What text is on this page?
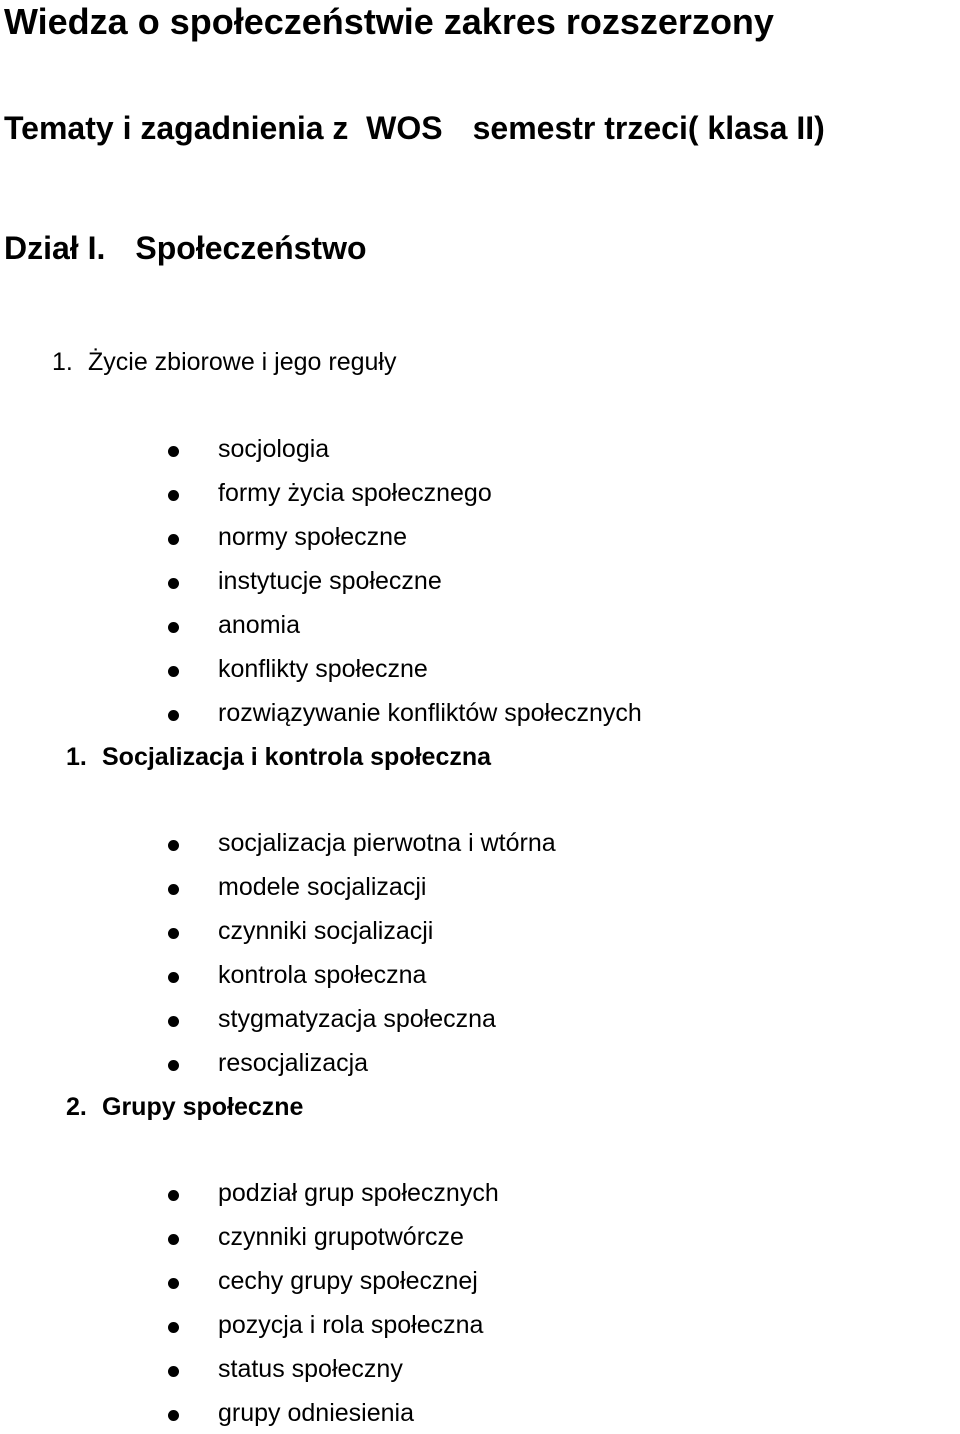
Wiedza o społeczeństwie zakres rozszerzony
Tematy i zagadnienia z  WOS semestr trzeci( klasa II)
Dział I. Społeczeństwo
1. Życie zbiorowe i jego reguły
socjologia
formy życia społecznego
normy społeczne
instytucje społeczne
anomia
konflikty społeczne
rozwiązywanie konfliktów społecznych
1. Socjalizacja i kontrola społeczna
socjalizacja pierwotna i wtórna
modele socjalizacji
czynniki socjalizacji
kontrola społeczna
stygmatyzacja społeczna
resocjalizacja
2. Grupy społeczne
podział grup społecznych
czynniki grupotwórcze
cechy grupy społecznej
pozycja i rola społeczna
status społeczny
grupy odniesienia
